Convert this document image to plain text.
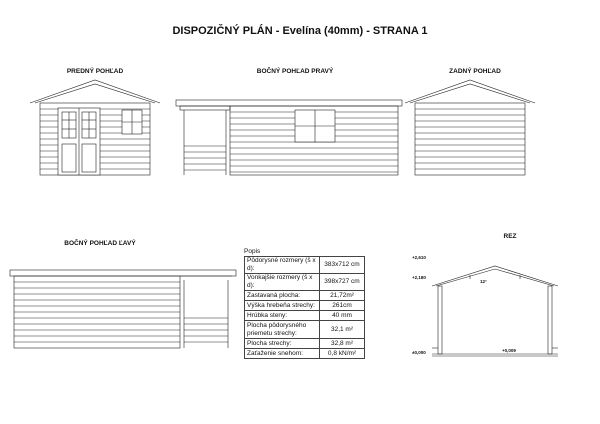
DISPOZIČNÝ PLÁN - Evelína (40mm) - STRANA 1
PREDNÝ POHĽAD	BOČNÝ POHĽAD PRAVÝ	ZADNÝ POHĽAD
BOČNÝ POHĽAD ĽAVÝ
REZ
+2,610
+2,180
12°
±0,000	+0,009
Popis
Pôdorysné rozmery (š x d):	383x712 cm
Vonkajšie rozmery (š x d):	398x727 cm
Zastavaná plocha:	21,72m²
Výška hrebeňa strechy:	261cm
Hrúbka steny:	40 mm
Plocha pôdorysného priemetu strechy:	32,1 m²
Plocha strechy:	32,8 m²
Zaťaženie snehom:	0,8 kN/m²
